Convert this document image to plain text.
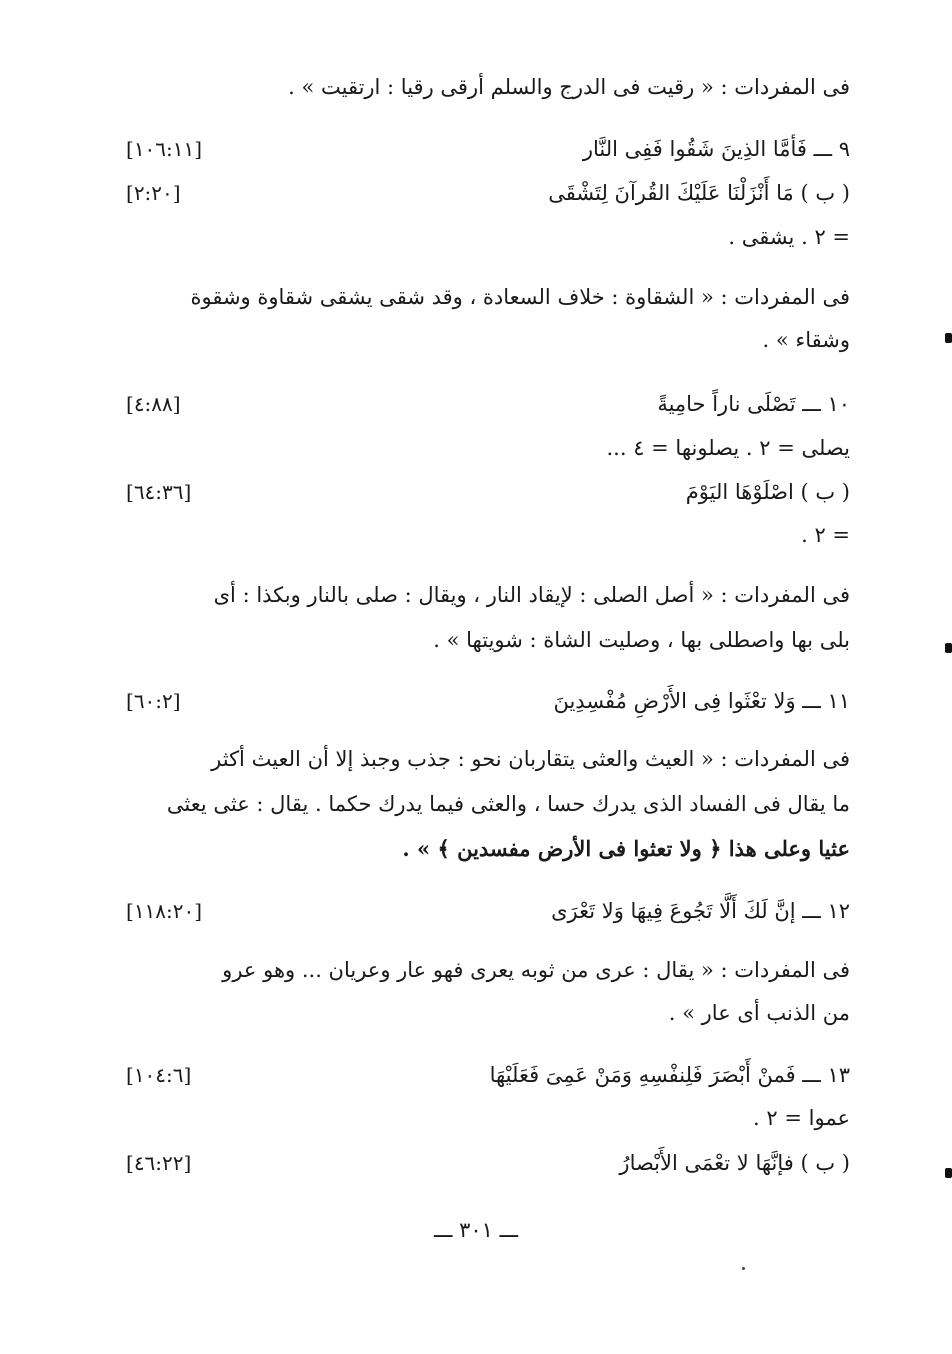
فى المفردات : « رقيت فى الدرج والسلم أرقى رقيا : ارتقيت » .
٩ ـــ فَأمَّا الذِينَ شَقُوا فَفِى النَّار
[١٠٦:١١]
( ب ) مَا أَنْزَلْنَا عَلَيْكَ القُرآنَ لِتَشْقَى
[٢:٢٠]
= ٢ . يشقى .
فى المفردات : « الشقاوة : خلاف السعادة ، وقد شقى يشقى شقاوة وشقوة
وشقاء » .
١٠ ـــ تَصْلَى ناراً حامِيةً
[٤:٨٨]
يصلى = ٢ . يصلونها = ٤ ...
( ب ) اصْلَوْهَا اليَوْمَ
[٦٤:٣٦]
= ٢ .
فى المفردات : « أصل الصلى : لإيقاد النار ، ويقال : صلى بالنار وبكذا : أى
بلى بها واصطلى بها ، وصليت الشاة : شويتها » .
١١ ـــ وَلا تعْثَوا فِى الأَرْضِ مُفْسِدِينَ
[٦٠:٢]
فى المفردات : « العيث والعثى يتقاربان نحو : جذب وجبذ إلا أن العيث أكثر
ما يقال فى الفساد الذى يدرك حسا ، والعثى فيما يدرك حكما . يقال : عثى يعثى
عثيا وعلى هذا ﴿ ولا تعثوا فى الأرض مفسدين ﴾ » .
١٢ ـــ إنَّ لَكَ أَلَّا تَجُوعَ فِيهَا وَلا تَعْرَى
[١١٨:٢٠]
فى المفردات : « يقال : عرى من ثوبه يعرى فهو عار وعريان ... وهو عرو
من الذنب أى عار » .
١٣ ـــ فَمنْ أَبْصَرَ فَلِنفْسِهِ وَمَنْ عَمِىَ فَعَلَيْهَا
[١٠٤:٦]
عموا = ٢ .
( ب ) فإنَّهَا لا تعْمَى الأَبْصارُ
[٤٦:٢٢]
ـــ ٣٠١ ـــ
